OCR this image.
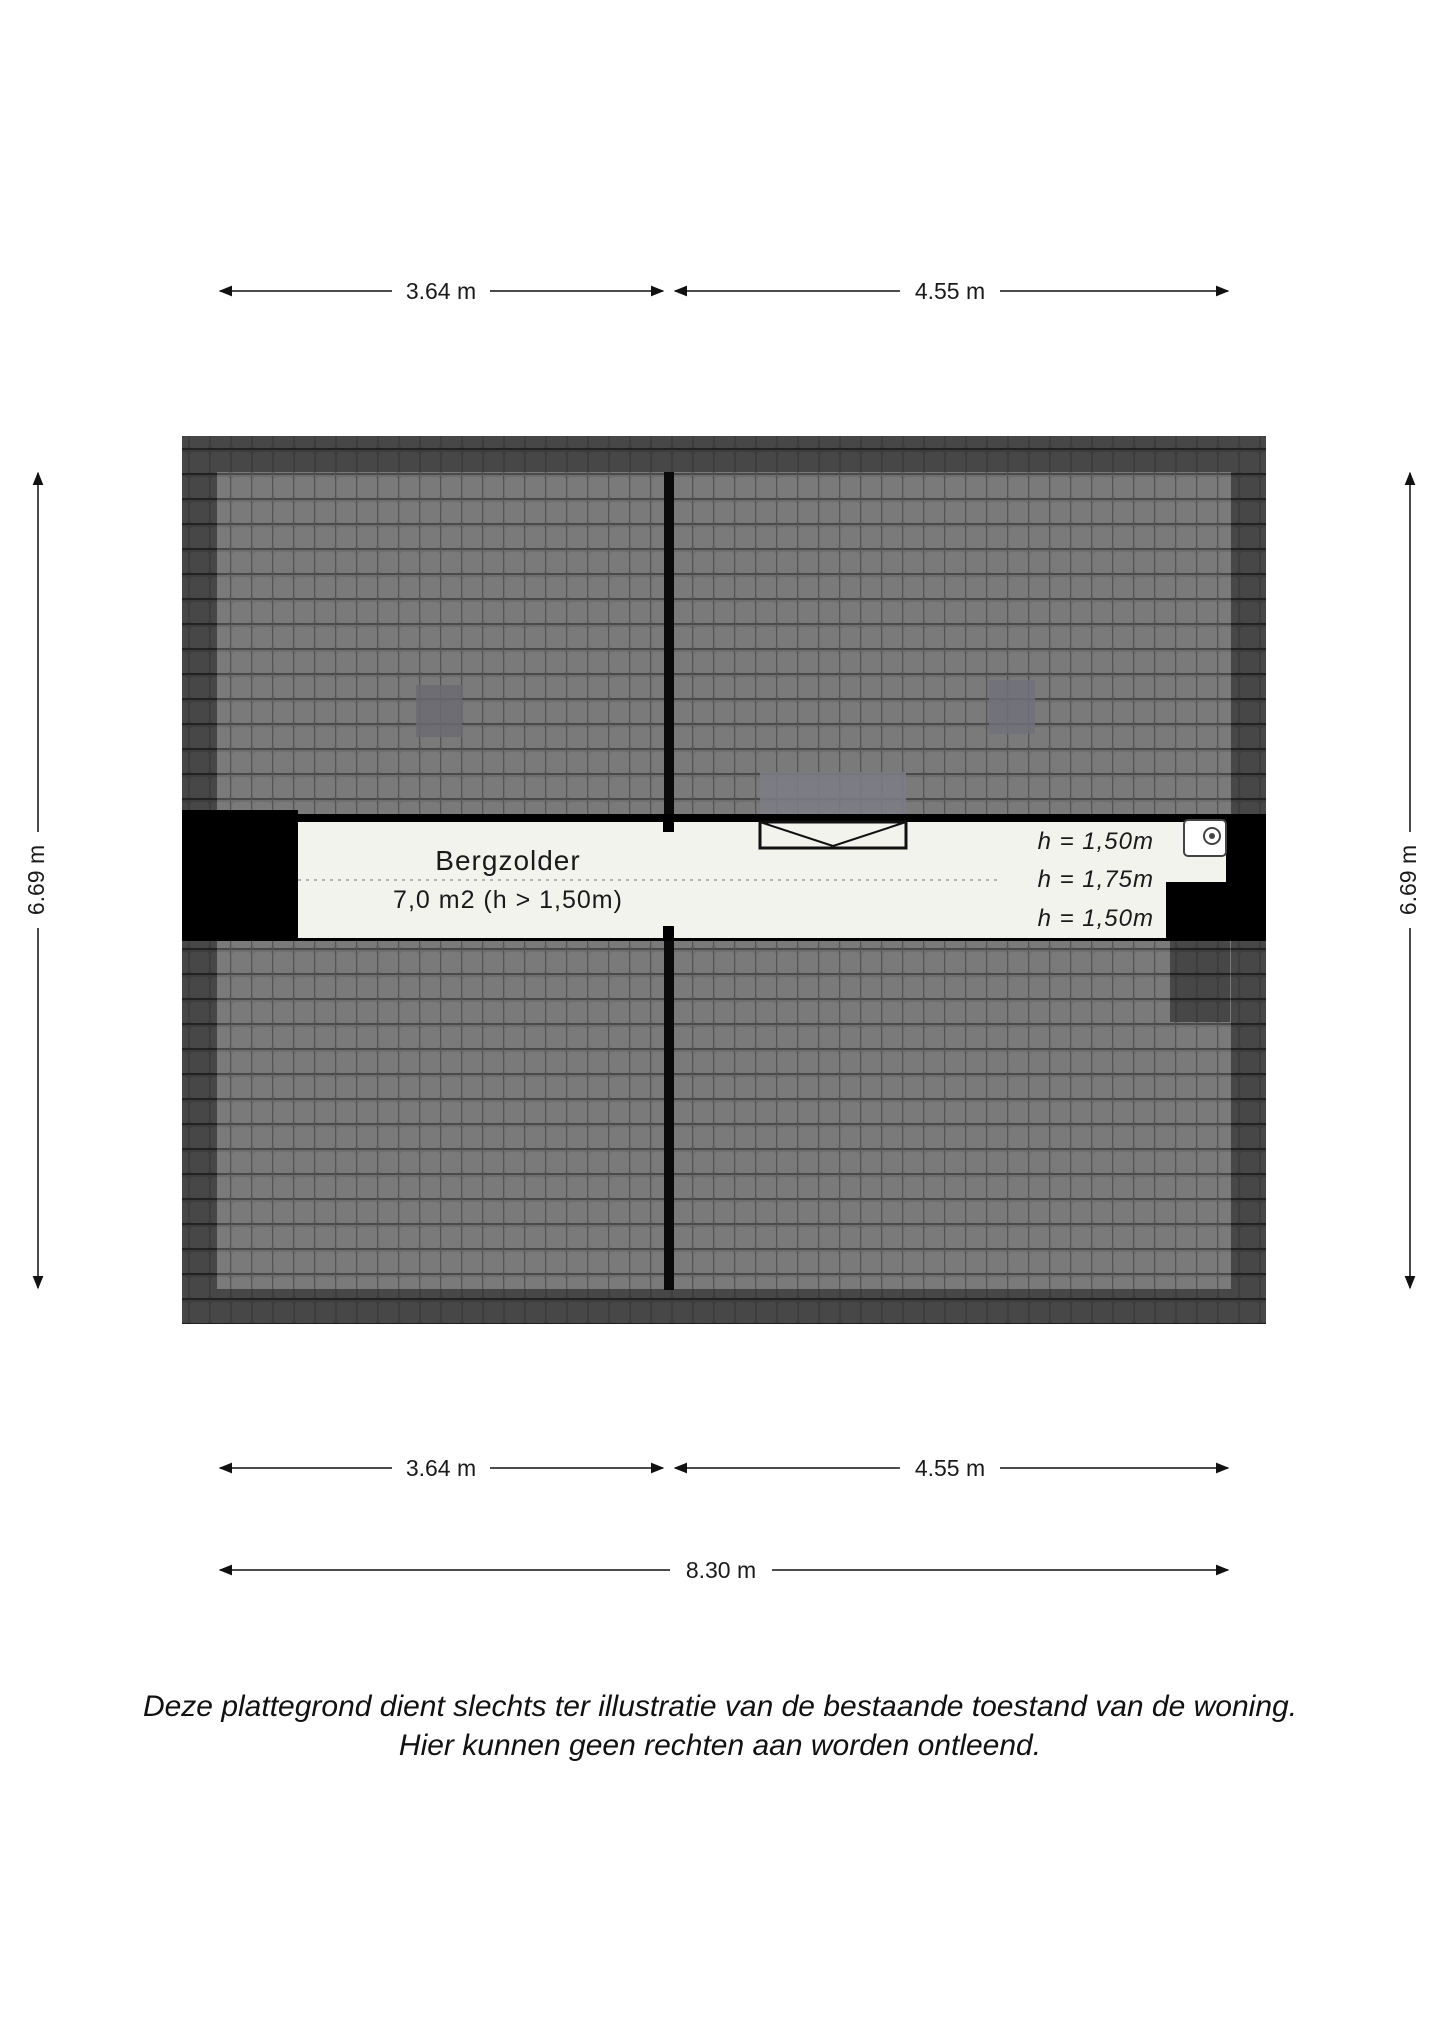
Bergzolder
7,0 m2 (h > 1,50m)
h = 1,50m
h = 1,75m
h = 1,50m
3.64 m	4.55 m
3.64 m	4.55 m
8.30 m
6.69 m	6.69 m
Deze plattegrond dient slechts ter illustratie van de bestaande toestand van de woning.
Hier kunnen geen rechten aan worden ontleend.
